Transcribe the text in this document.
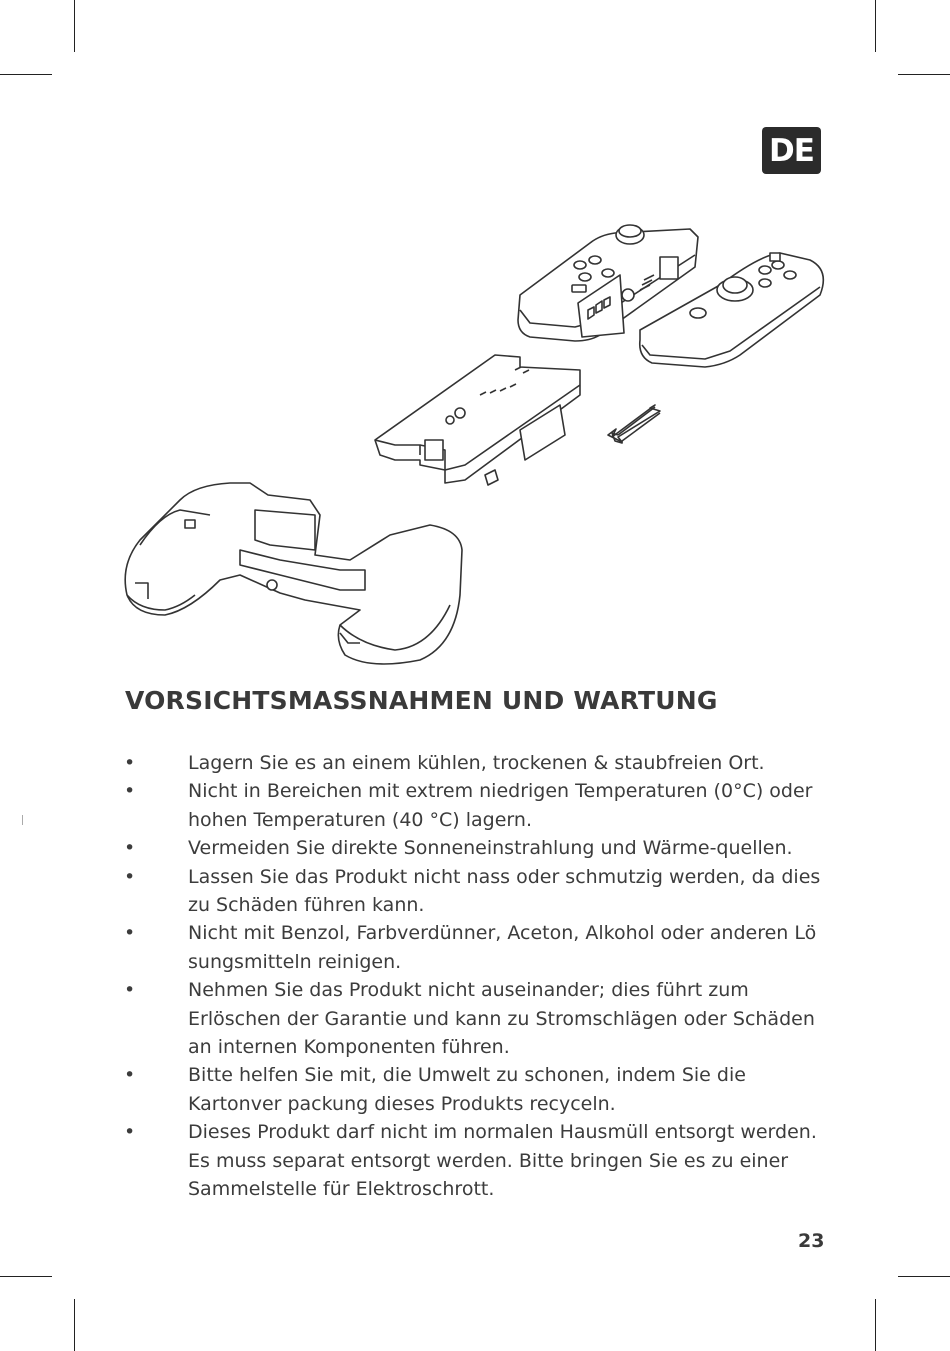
DE
VORSICHTSMASSNAHMEN UND WARTUNG
•	Lagern Sie es an einem kühlen, trockenen & staubfreien Ort.
•	Nicht in Bereichen mit extrem niedrigen Temperaturen (0°C) oder hohen Temperaturen (40 °C) lagern.
•	Vermeiden Sie direkte Sonneneinstrahlung und Wärme-quellen.
•	Lassen Sie das Produkt nicht nass oder schmutzig werden, da dies zu Schäden führen kann.
•	Nicht mit Benzol, Farbverdünner, Aceton, Alkohol oder anderen Lö sungsmitteln reinigen.
•	Nehmen Sie das Produkt nicht auseinander; dies führt zum Erlöschen der Garantie und kann zu Stromschlägen oder Schäden an internen Komponenten führen.
•	Bitte helfen Sie mit, die Umwelt zu schonen, indem Sie die Kartonver packung dieses Produkts recyceln.
•	Dieses Produkt darf nicht im normalen Hausmüll entsorgt werden. Es muss separat entsorgt werden. Bitte bringen Sie es zu einer Sammelstelle für Elektroschrott.

23
